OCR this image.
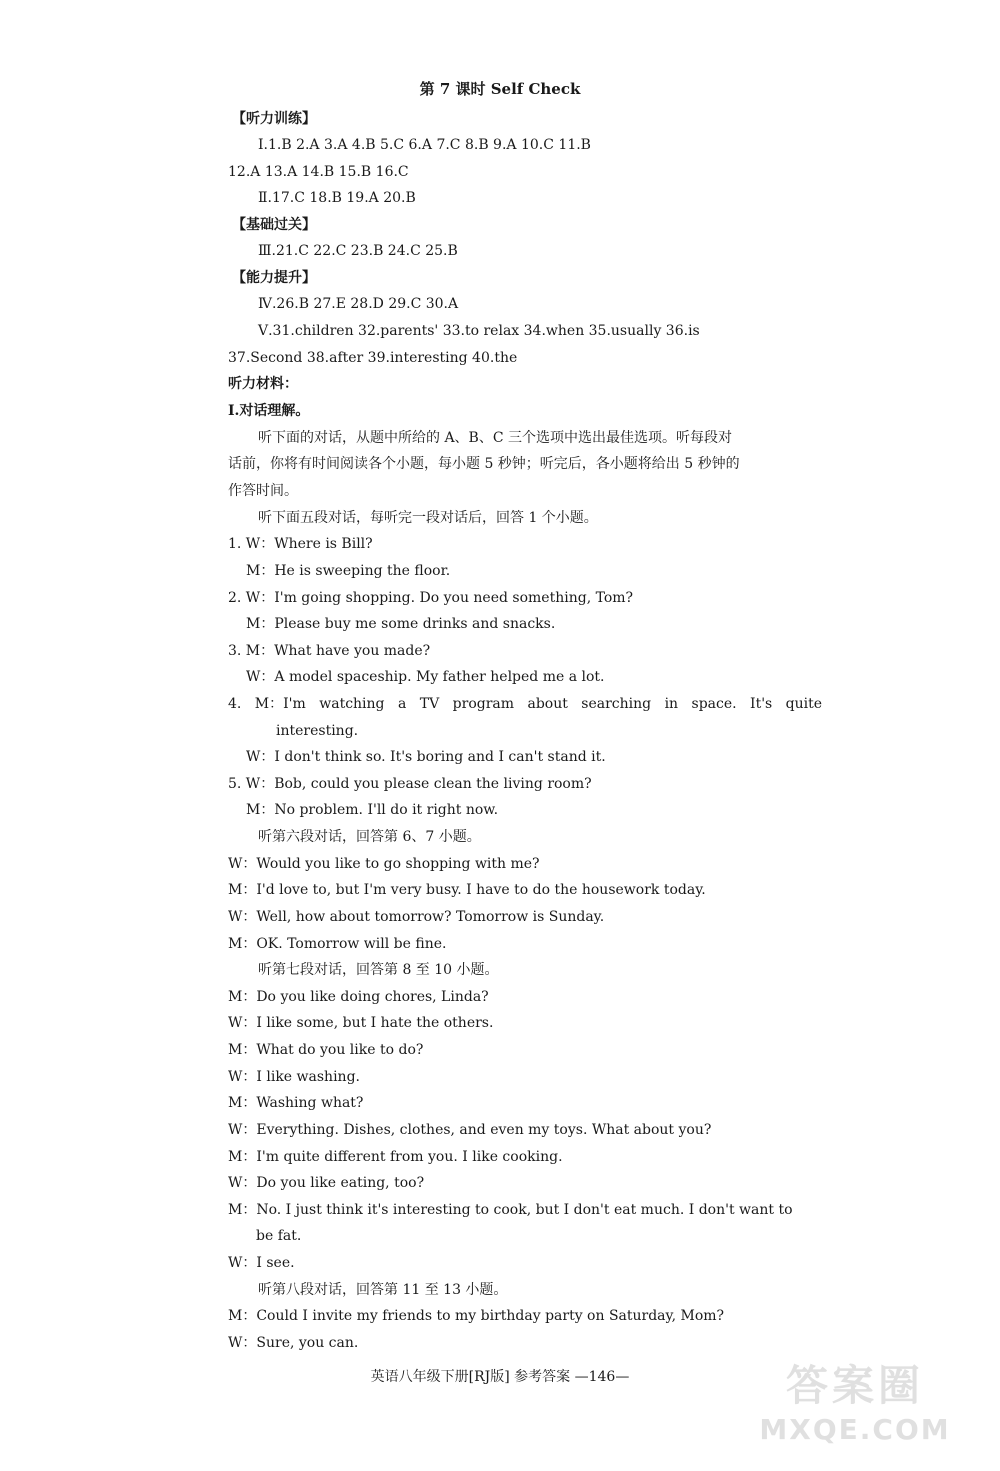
第 7 课时 Self Check
【听力训练】
Ⅰ.1.B 2.A 3.A 4.B 5.C 6.A 7.C 8.B 9.A 10.C 11.B
12.A 13.A 14.B 15.B 16.C
Ⅱ.17.C 18.B 19.A 20.B
【基础过关】
Ⅲ.21.C 22.C 23.B 24.C 25.B
【能力提升】
Ⅳ.26.B 27.E 28.D 29.C 30.A
Ⅴ.31.children 32.parents' 33.to relax 34.when 35.usually 36.is
37.Second 38.after 39.interesting 40.the
听力材料：
Ⅰ.对话理解。
听下面的对话，从题中所给的 A、B、C 三个选项中选出最佳选项。听每段对
话前，你将有时间阅读各个小题，每小题 5 秒钟；听完后，各小题将给出 5 秒钟的
作答时间。
听下面五段对话，每听完一段对话后，回答 1 个小题。
1. W：Where is Bill?
M：He is sweeping the floor.
2. W：I'm going shopping. Do you need something, Tom?
M：Please buy me some drinks and snacks.
3. M：What have you made?
W：A model spaceship. My father helped me a lot.
4. M：I'm watching a TV program about searching in space. It's quite
interesting.
W：I don't think so. It's boring and I can't stand it.
5. W：Bob, could you please clean the living room?
M：No problem. I'll do it right now.
听第六段对话，回答第 6、7 小题。
W：Would you like to go shopping with me?
M：I'd love to, but I'm very busy. I have to do the housework today.
W：Well, how about tomorrow? Tomorrow is Sunday.
M：OK. Tomorrow will be fine.
听第七段对话，回答第 8 至 10 小题。
M：Do you like doing chores, Linda?
W：I like some, but I hate the others.
M：What do you like to do?
W：I like washing.
M：Washing what?
W：Everything. Dishes, clothes, and even my toys. What about you?
M：I'm quite different from you. I like cooking.
W：Do you like eating, too?
M：No. I just think it's interesting to cook, but I don't eat much. I don't want to
be fat.
W：I see.
听第八段对话，回答第 11 至 13 小题。
M：Could I invite my friends to my birthday party on Saturday, Mom?
W：Sure, you can.
英语八年级下册[RJ版] 参考答案 —146—	答案圈
MXQE.COM
